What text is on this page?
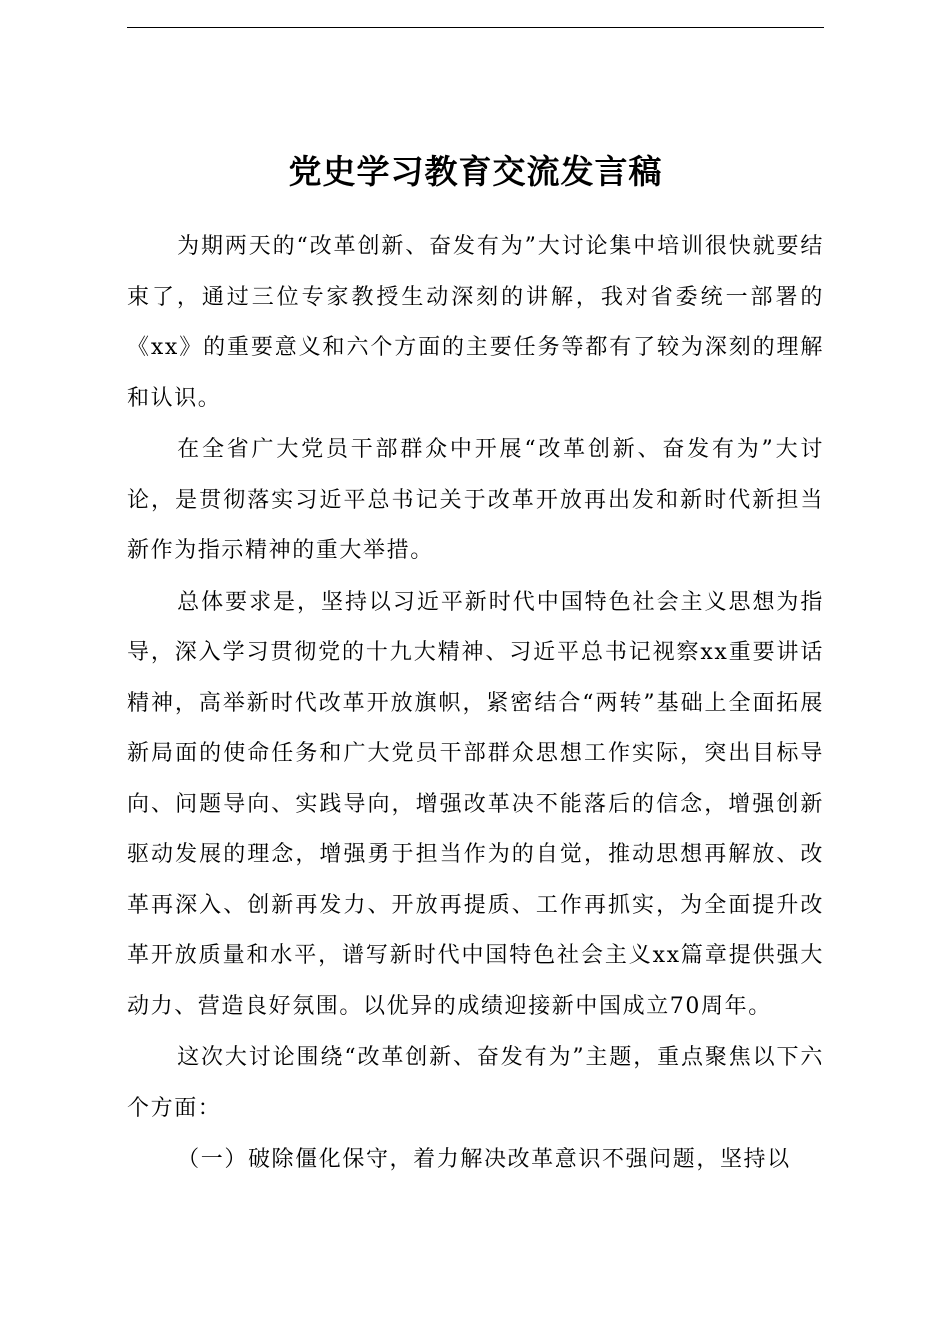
党史学习教育交流发言稿

为期两天的“改革创新、奋发有为”大讨论集中培训很快就要结束了，通过三位专家教授生动深刻的讲解，我对省委统一部署的《xx》的重要意义和六个方面的主要任务等都有了较为深刻的理解和认识。

在全省广大党员干部群众中开展“改革创新、奋发有为”大讨论，是贯彻落实习近平总书记关于改革开放再出发和新时代新担当新作为指示精神的重大举措。

总体要求是，坚持以习近平新时代中国特色社会主义思想为指导，深入学习贯彻党的十九大精神、习近平总书记视察xx重要讲话精神，高举新时代改革开放旗帜，紧密结合“两转”基础上全面拓展新局面的使命任务和广大党员干部群众思想工作实际，突出目标导向、问题导向、实践导向，增强改革决不能落后的信念，增强创新驱动发展的理念，增强勇于担当作为的自觉，推动思想再解放、改革再深入、创新再发力、开放再提质、工作再抓实，为全面提升改革开放质量和水平，谱写新时代中国特色社会主义xx篇章提供强大动力、营造良好氛围。以优异的成绩迎接新中国成立70周年。

这次大讨论围绕“改革创新、奋发有为”主题，重点聚焦以下六个方面：

（一）破除僵化保守，着力解决改革意识不强问题，坚持以
